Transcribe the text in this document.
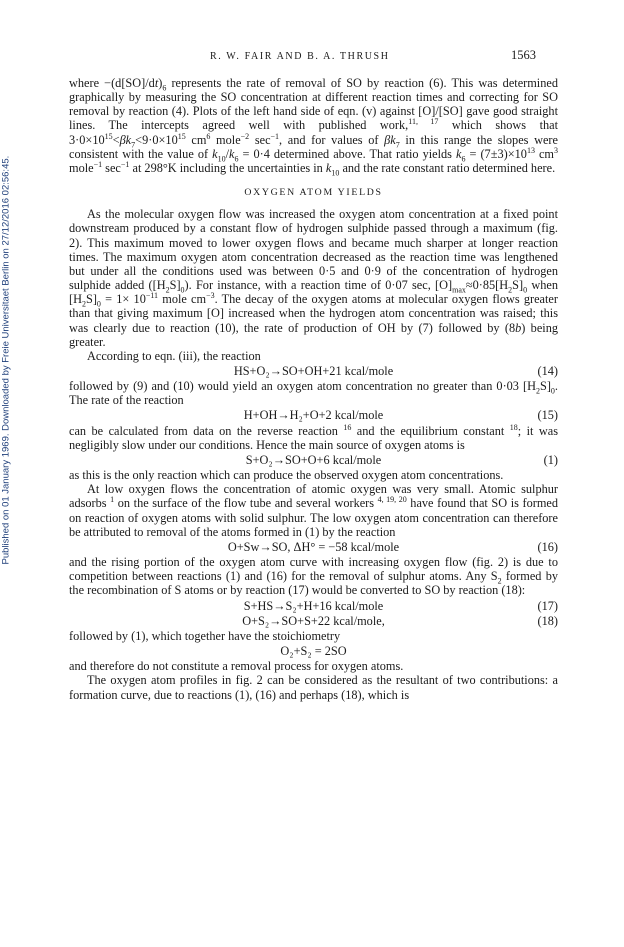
Published on 01 January 1969. Downloaded by Freie Universitaet Berlin on 27/12/2016 02:56:45.
R. W. FAIR AND B. A. THRUSH	1563

where $-(d[SO]/dt)_6$ represents the rate of removal of SO by reaction (6). This was determined graphically by measuring the SO concentration at different reaction times and correcting for SO removal by reaction (4). Plots of the left hand side of eqn. (v) against [O]/[SO] gave good straight lines. The intercepts agreed well with published work,$^{11, 17}$ which shows that $3\cdot 0\times 10^{15}<\beta k_7<9\cdot 0\times 10^{15}$ $cm^6$ mole$^{-2}$ $\sec^{-1}$, and for values of $\beta k_7$ in this range the slopes were consistent with the value of $k_{10}/k_6 = 0\cdot 4$ determined above. That ratio yields $k_6 = (7\pm 3)\times 10^{13}$ $cm^3$ mole$^{-1}$ $\sec^{-1}$ at 298°K including the uncertainties in $k_{10}$ and the rate constant ratio determined here.

OXYGEN ATOM YIELDS

As the molecular oxygen flow was increased the oxygen atom concentration at a fixed point downstream produced by a constant flow of hydrogen sulphide passed through a maximum (fig. 2). This maximum moved to lower oxygen flows and became much sharper at longer reaction times. The maximum oxygen atom concentration decreased as the reaction time was lengthened but under all the conditions used was between 0·5 and 0·9 of the concentration of hydrogen sulphide added $([H_2S]_0)$. For instance, with a reaction time of 0·07 sec, $[O]_{max}\approx 0\cdot 85[H_2S]_0$ when $[H_2S]_0 = 1\times 10^{-11}$ mole $cm^{-3}$. The decay of the oxygen atoms at molecular oxygen flows greater than that giving maximum [O] increased when the hydrogen atom concentration was raised; this was clearly due to reaction (10), the rate of production of OH by (7) followed by (8b) being greater.

According to eqn. (iii), the reaction

HS+O₂→SO+OH+21 kcal/mole	(14)

followed by (9) and (10) would yield an oxygen atom concentration no greater than 0·03 $[H_2S]_0$. The rate of the reaction

H+OH→H₂+O+2 kcal/mole	(15)

can be calculated from data on the reverse reaction $^{16}$ and the equilibrium constant $^{18}$; it was negligibly slow under our conditions. Hence the main source of oxygen atoms is

S+O₂→SO+O+6 kcal/mole	(1)

as this is the only reaction which can produce the observed oxygen atom concentrations.

At low oxygen flows the concentration of atomic oxygen was very small. Atomic sulphur adsorbs $^1$ on the surface of the flow tube and several workers $^{4, 19, 20}$ have found that SO is formed on reaction of oxygen atoms with solid sulphur. The low oxygen atom concentration can therefore be attributed to removal of the atoms formed in (1) by the reaction

O+Sw→SO, ΔH° = −58 kcal/mole	(16)

and the rising portion of the oxygen atom curve with increasing oxygen flow (fig. 2) is due to competition between reactions (1) and (16) for the removal of sulphur atoms. Any $S_2$ formed by the recombination of S atoms or by reaction (17) would be converted to SO by reaction (18):

S+HS→S₂+H+16 kcal/mole	(17)
O+S₂→SO+S+22 kcal/mole,	(18)

followed by (1), which together have the stoichiometry

O₂+S₂ = 2SO

and therefore do not constitute a removal process for oxygen atoms.

The oxygen atom profiles in fig. 2 can be considered as the resultant of two contributions: a formation curve, due to reactions (1), (16) and perhaps (18), which is
